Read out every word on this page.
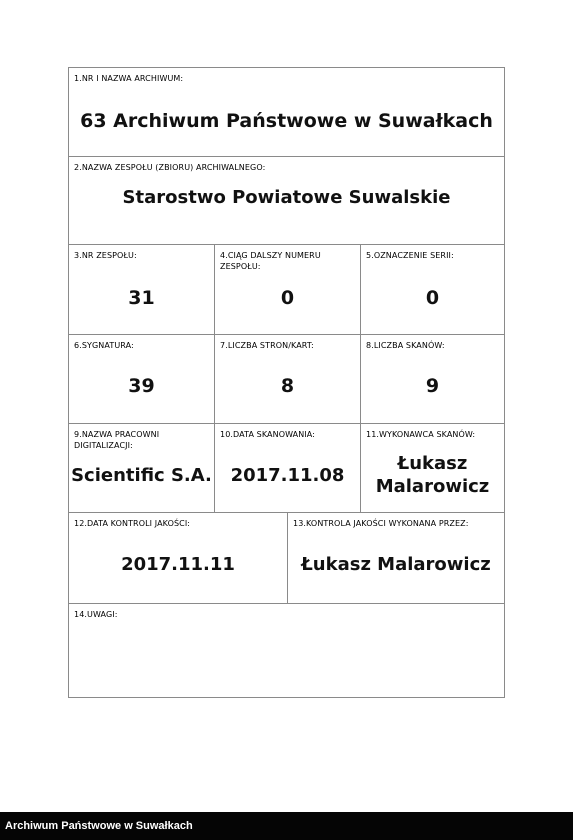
1.NR I NAZWA ARCHIWUM:
63 Archiwum Państwowe w Suwałkach
2.NAZWA ZESPOŁU (ZBIORU) ARCHIWALNEGO:
Starostwo Powiatowe Suwalskie
3.NR ZESPOŁU:
31
4.CIĄG DALSZY NUMERU ZESPOŁU:
0
5.OZNACZENIE SERII:
0
6.SYGNATURA:
39
7.LICZBA STRON/KART:
8
8.LICZBA SKANÓW:
9
9.NAZWA PRACOWNI DIGITALIZACJI:
Scientific S.A.
10.DATA SKANOWANIA:
2017.11.08
11.WYKONAWCA SKANÓW:
Łukasz
Malarowicz
12.DATA KONTROLI JAKOŚCI:
2017.11.11
13.KONTROLA JAKOŚCI WYKONANA PRZEZ:
Łukasz Malarowicz
14.UWAGI:
Archiwum Państwowe w Suwałkach
